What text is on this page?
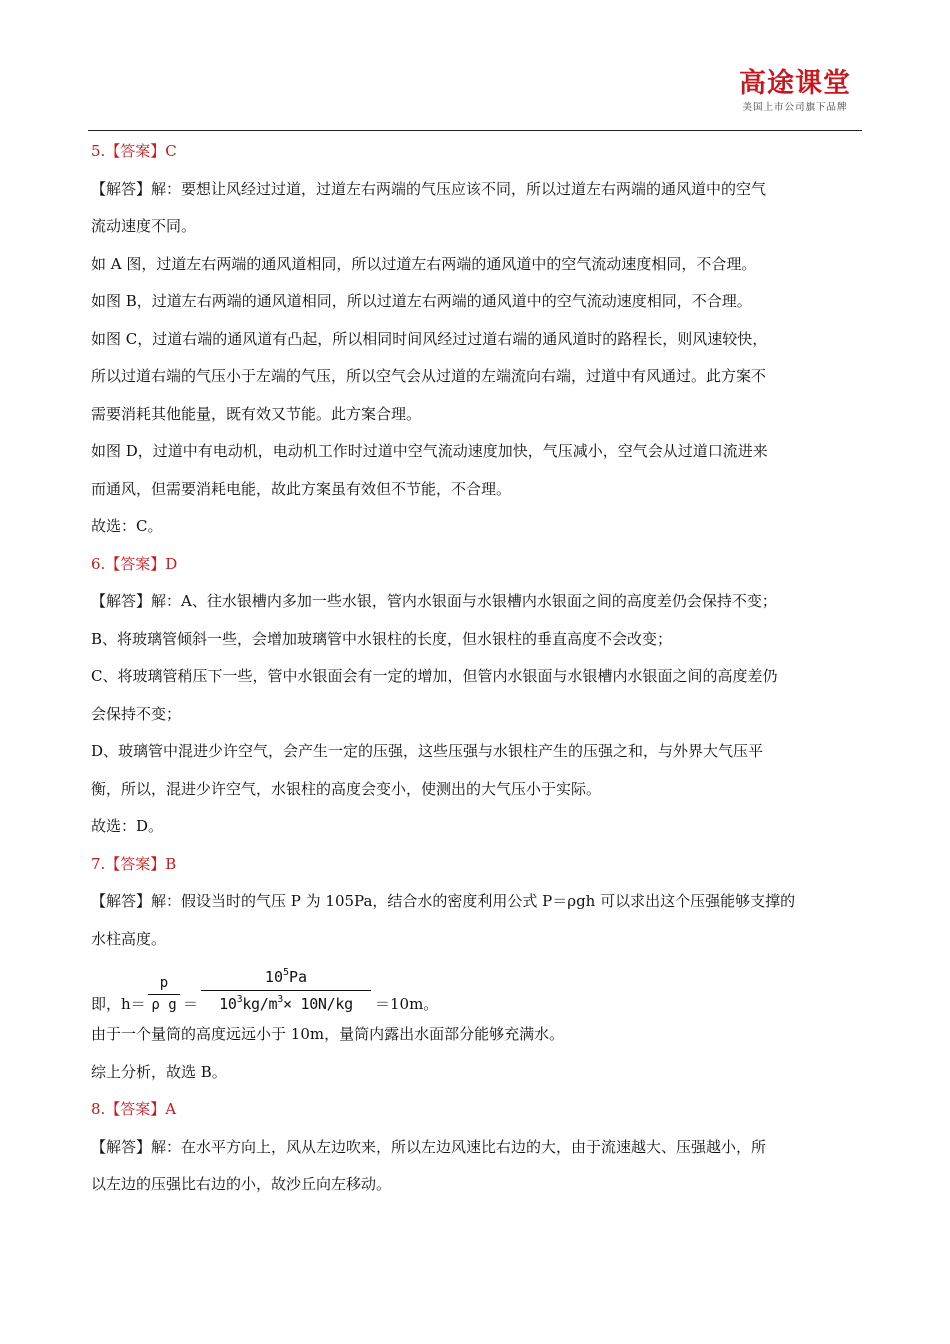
高途课堂
美国上市公司旗下品牌
5.【答案】C
【解答】解：要想让风经过过道，过道左右两端的气压应该不同，所以过道左右两端的通风道中的空气
流动速度不同。
如 A 图，过道左右两端的通风道相同，所以过道左右两端的通风道中的空气流动速度相同，不合理。
如图 B，过道左右两端的通风道相同，所以过道左右两端的通风道中的空气流动速度相同，不合理。
如图 C，过道右端的通风道有凸起，所以相同时间风经过过道右端的通风道时的路程长，则风速较快，
所以过道右端的气压小于左端的气压，所以空气会从过道的左端流向右端，过道中有风通过。此方案不
需要消耗其他能量，既有效又节能。此方案合理。
如图 D，过道中有电动机，电动机工作时过道中空气流动速度加快，气压减小，空气会从过道口流进来
而通风，但需要消耗电能，故此方案虽有效但不节能，不合理。
故选：C。
6.【答案】D
【解答】解：A、往水银槽内多加一些水银，管内水银面与水银槽内水银面之间的高度差仍会保持不变；
B、将玻璃管倾斜一些，会增加玻璃管中水银柱的长度，但水银柱的垂直高度不会改变；
C、将玻璃管稍压下一些，管中水银面会有一定的增加，但管内水银面与水银槽内水银面之间的高度差仍
会保持不变；
D、玻璃管中混进少许空气，会产生一定的压强，这些压强与水银柱产生的压强之和，与外界大气压平
衡，所以，混进少许空气，水银柱的高度会变小，使测出的大气压小于实际。
故选：D。
7.【答案】B
【解答】解：假设当时的气压 P 为 105Pa，结合水的密度利用公式 P＝ρgh 可以求出这个压强能够支撑的
水柱高度。
即，$h= \frac{p}{\text{ρ g}} = \frac{10^5Pa}{10^3kg/m^3\times 10N/kg} =10m$。
由于一个量筒的高度远远小于 10m，量筒内露出水面部分能够充满水。
综上分析，故选 B。
8.【答案】A
【解答】解：在水平方向上，风从左边吹来，所以左边风速比右边的大，由于流速越大、压强越小，所
以左边的压强比右边的小，故沙丘向左移动。
